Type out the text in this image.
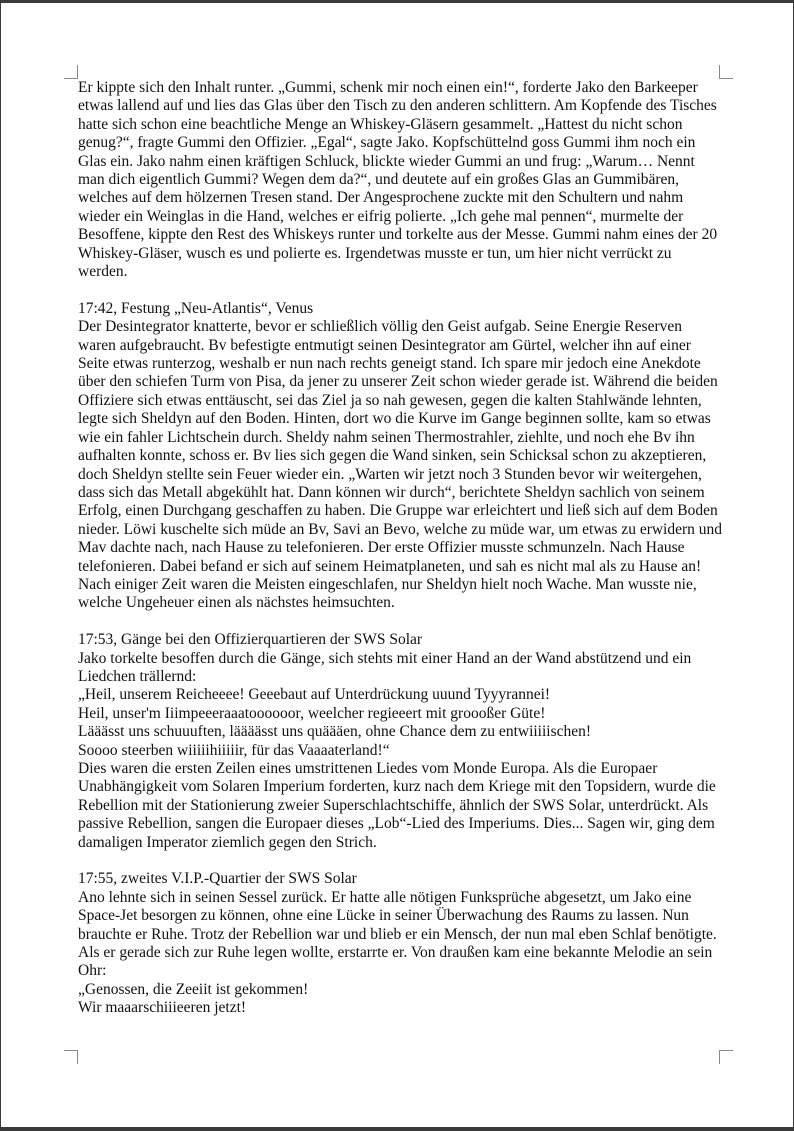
Er kippte sich den Inhalt runter. „Gummi, schenk mir noch einen ein!“, forderte Jako den Barkeeper etwas lallend auf und lies das Glas über den Tisch zu den anderen schlittern. Am Kopfende des Tisches hatte sich schon eine beachtliche Menge an Whiskey-Gläsern gesammelt. „Hattest du nicht schon genug?“, fragte Gummi den Offizier. „Egal“, sagte Jako. Kopfschüttelnd goss Gummi ihm noch ein Glas ein. Jako nahm einen kräftigen Schluck, blickte wieder Gummi an und frug: „Warum… Nennt man dich eigentlich Gummi? Wegen dem da?“, und deutete auf ein großes Glas an Gummibären, welches auf dem hölzernen Tresen stand. Der Angesprochene zuckte mit den Schultern und nahm wieder ein Weinglas in die Hand, welches er eifrig polierte. „Ich gehe mal pennen“, murmelte der Besoffene, kippte den Rest des Whiskeys runter und torkelte aus der Messe. Gummi nahm eines der 20 Whiskey-Gläser, wusch es und polierte es. Irgendetwas musste er tun, um hier nicht verrückt zu werden.

17:42, Festung „Neu-Atlantis“, Venus

Der Desintegrator knatterte, bevor er schließlich völlig den Geist aufgab. Seine Energie Reserven waren aufgebraucht. Bv befestigte entmutigt seinen Desintegrator am Gürtel, welcher ihn auf einer Seite etwas runterzog, weshalb er nun nach rechts geneigt stand. Ich spare mir jedoch eine Anekdote über den schiefen Turm von Pisa, da jener zu unserer Zeit schon wieder gerade ist. Während die beiden Offiziere sich etwas enttäuscht, sei das Ziel ja so nah gewesen, gegen die kalten Stahlwände lehnten, legte sich Sheldyn auf den Boden. Hinten, dort wo die Kurve im Gange beginnen sollte, kam so etwas wie ein fahler Lichtschein durch. Sheldy nahm seinen Thermostrahler, ziehlte, und noch ehe Bv ihn aufhalten konnte, schoss er. Bv lies sich gegen die Wand sinken, sein Schicksal schon zu akzeptieren, doch Sheldyn stellte sein Feuer wieder ein. „Warten wir jetzt noch 3 Stunden bevor wir weitergehen, dass sich das Metall abgekühlt hat. Dann können wir durch“, berichtete Sheldyn sachlich von seinem Erfolg, einen Durchgang geschaffen zu haben. Die Gruppe war erleichtert und ließ sich auf dem Boden nieder. Löwi kuschelte sich müde an Bv, Savi an Bevo, welche zu müde war, um etwas zu erwidern und Mav dachte nach, nach Hause zu telefonieren. Der erste Offizier musste schmunzeln. Nach Hause telefonieren. Dabei befand er sich auf seinem Heimatplaneten, und sah es nicht mal als zu Hause an!

Nach einiger Zeit waren die Meisten eingeschlafen, nur Sheldyn hielt noch Wache. Man wusste nie, welche Ungeheuer einen als nächstes heimsuchten.

17:53, Gänge bei den Offizierquartieren der SWS Solar

Jako torkelte besoffen durch die Gänge, sich stehts mit einer Hand an der Wand abstützend und ein Liedchen trällernd:

„Heil, unserem Reicheeee! Geeebaut auf Unterdrückung uuund Tyyyrannei!

Heil, unser'm Iiimpeeeraaatoooooor, weelcher regieeert mit groooßer Güte!

Lääässt uns schuuuften, läääässt uns quäääen, ohne Chance dem zu entwiiiiischen!

Soooo steerben wiiiiihiiiiir, für das Vaaaaterland!“

Dies waren die ersten Zeilen eines umstrittenen Liedes vom Monde Europa. Als die Europaer Unabhängigkeit vom Solaren Imperium forderten, kurz nach dem Kriege mit den Topsidern, wurde die Rebellion mit der Stationierung zweier Superschlachtschiffe, ähnlich der SWS Solar, unterdrückt. Als passive Rebellion, sangen die Europaer dieses „Lob“-Lied des Imperiums. Dies... Sagen wir, ging dem damaligen Imperator ziemlich gegen den Strich.

17:55, zweites V.I.P.-Quartier der SWS Solar

Ano lehnte sich in seinen Sessel zurück. Er hatte alle nötigen Funksprüche abgesetzt, um Jako eine Space-Jet besorgen zu können, ohne eine Lücke in seiner Überwachung des Raums zu lassen. Nun brauchte er Ruhe. Trotz der Rebellion war und blieb er ein Mensch, der nun mal eben Schlaf benötigte. Als er gerade sich zur Ruhe legen wollte, erstarrte er. Von draußen kam eine bekannte Melodie an sein Ohr:

„Genossen, die Zeeiit ist gekommen!

Wir maaarschiiieeren jetzt!
